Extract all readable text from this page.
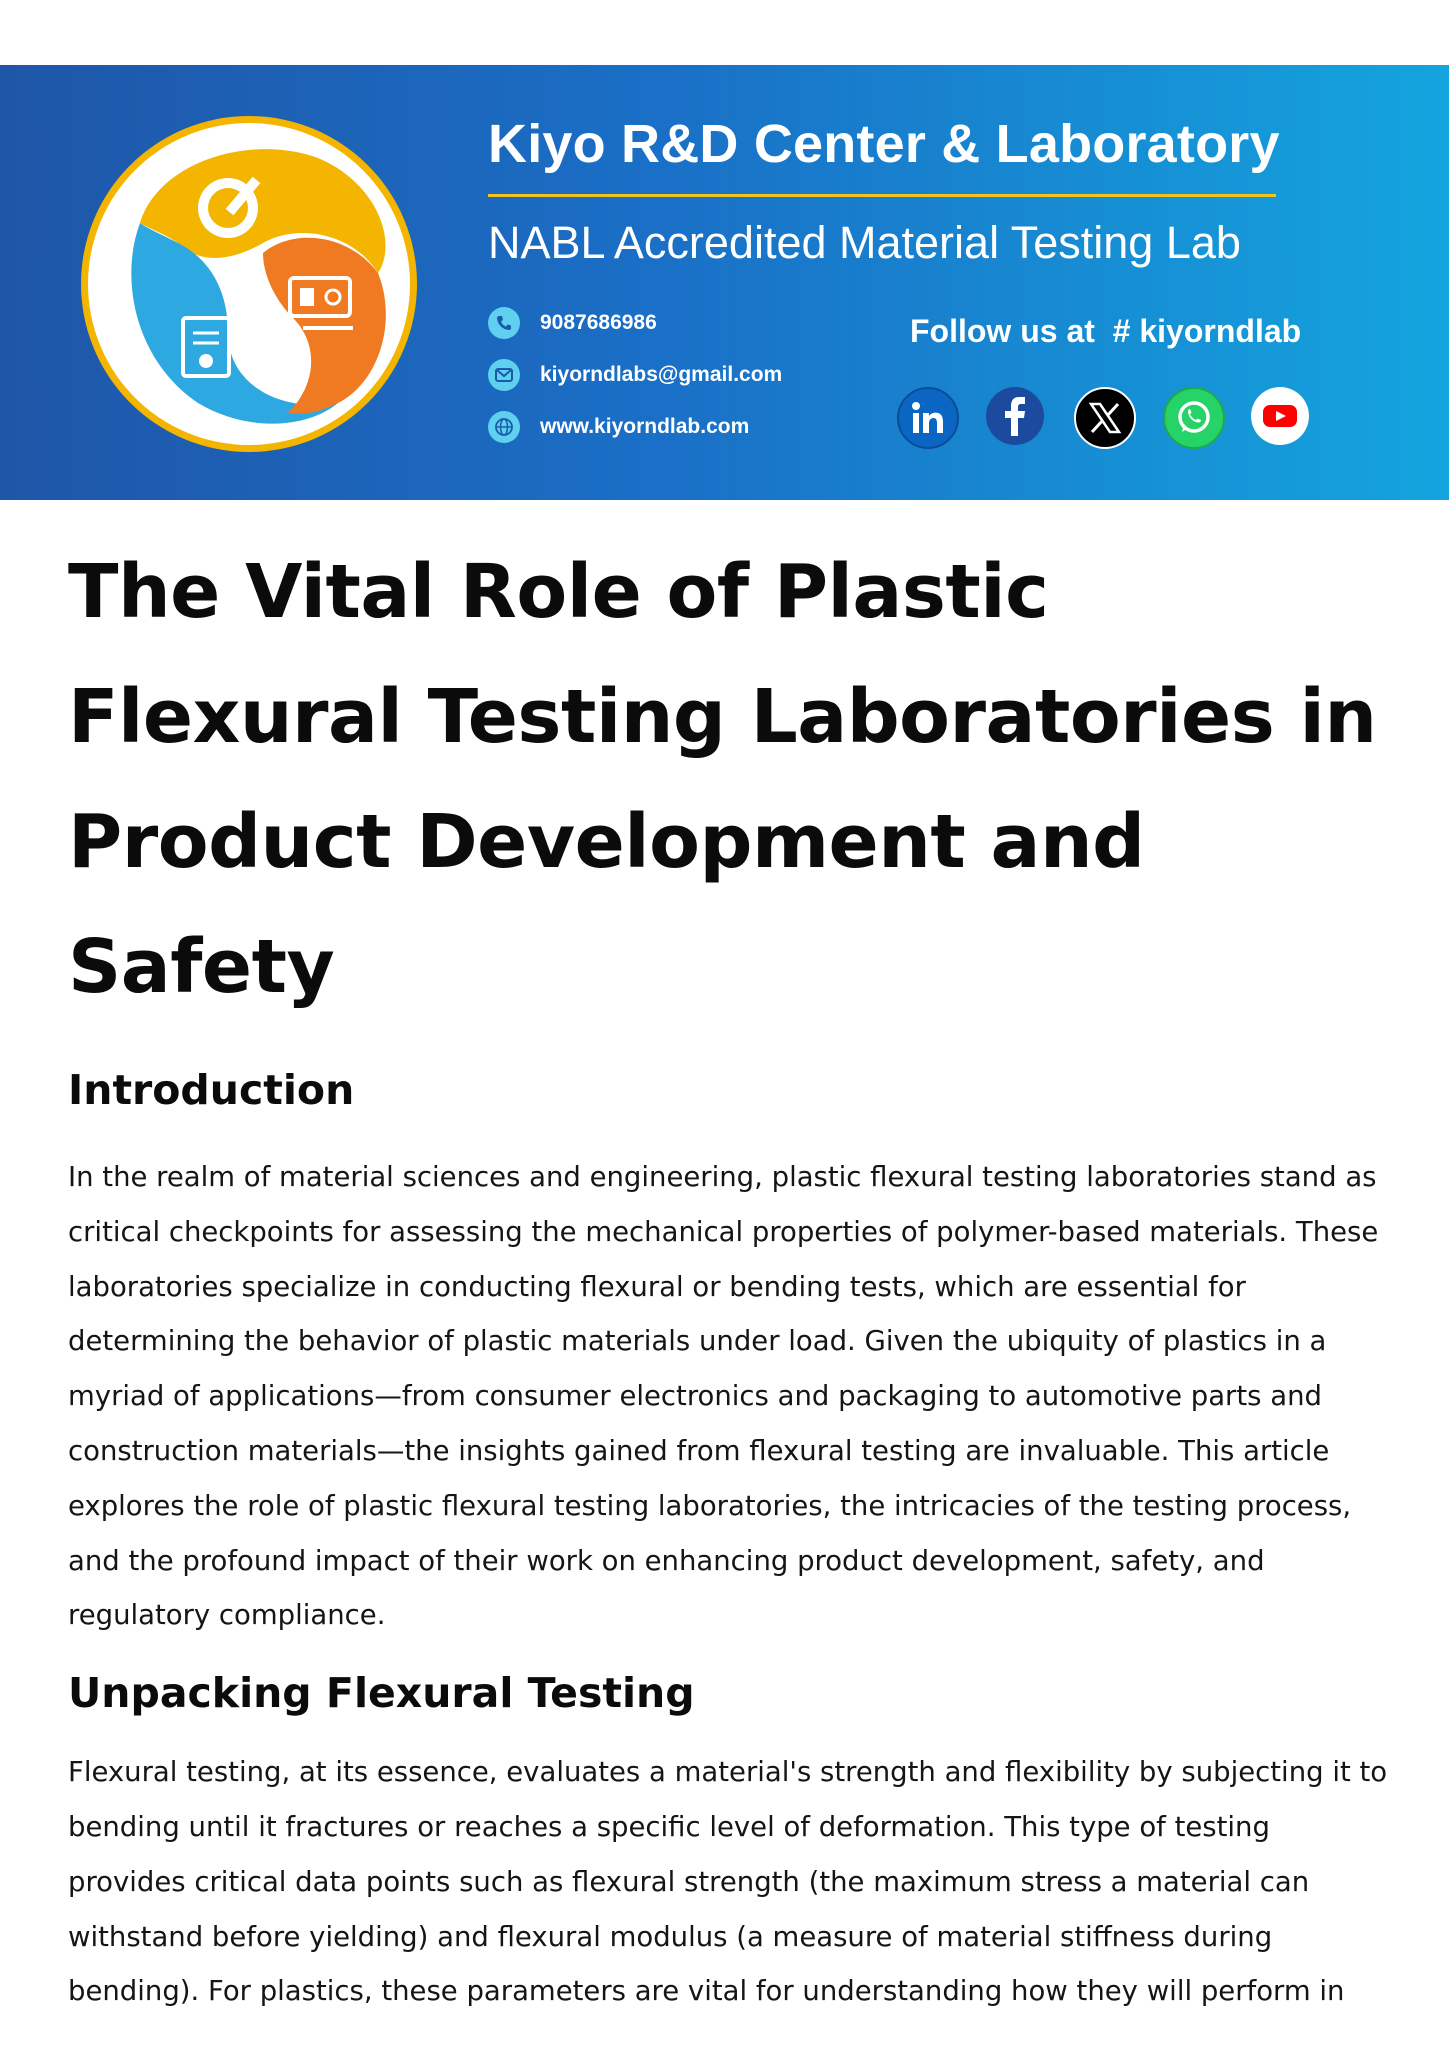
Kiyo R&D Center & Laboratory
NABL Accredited Material Testing Lab
9087686986
kiyorndlabs@gmail.com
www.kiyorndlab.com
Follow us at  # kiyorndlab
The Vital Role of Plastic Flexural Testing Laboratories in Product Development and Safety
Introduction

In the realm of material sciences and engineering, plastic flexural testing laboratories stand as critical checkpoints for assessing the mechanical properties of polymer-based materials. These laboratories specialize in conducting flexural or bending tests, which are essential for determining the behavior of plastic materials under load. Given the ubiquity of plastics in a myriad of applications—from consumer electronics and packaging to automotive parts and construction materials—the insights gained from flexural testing are invaluable. This article explores the role of plastic flexural testing laboratories, the intricacies of the testing process, and the profound impact of their work on enhancing product development, safety, and regulatory compliance.

Unpacking Flexural Testing

Flexural testing, at its essence, evaluates a material's strength and flexibility by subjecting it to bending until it fractures or reaches a specific level of deformation. This type of testing provides critical data points such as flexural strength (the maximum stress a material can withstand before yielding) and flexural modulus (a measure of material stiffness during bending). For plastics, these parameters are vital for understanding how they will perform in
